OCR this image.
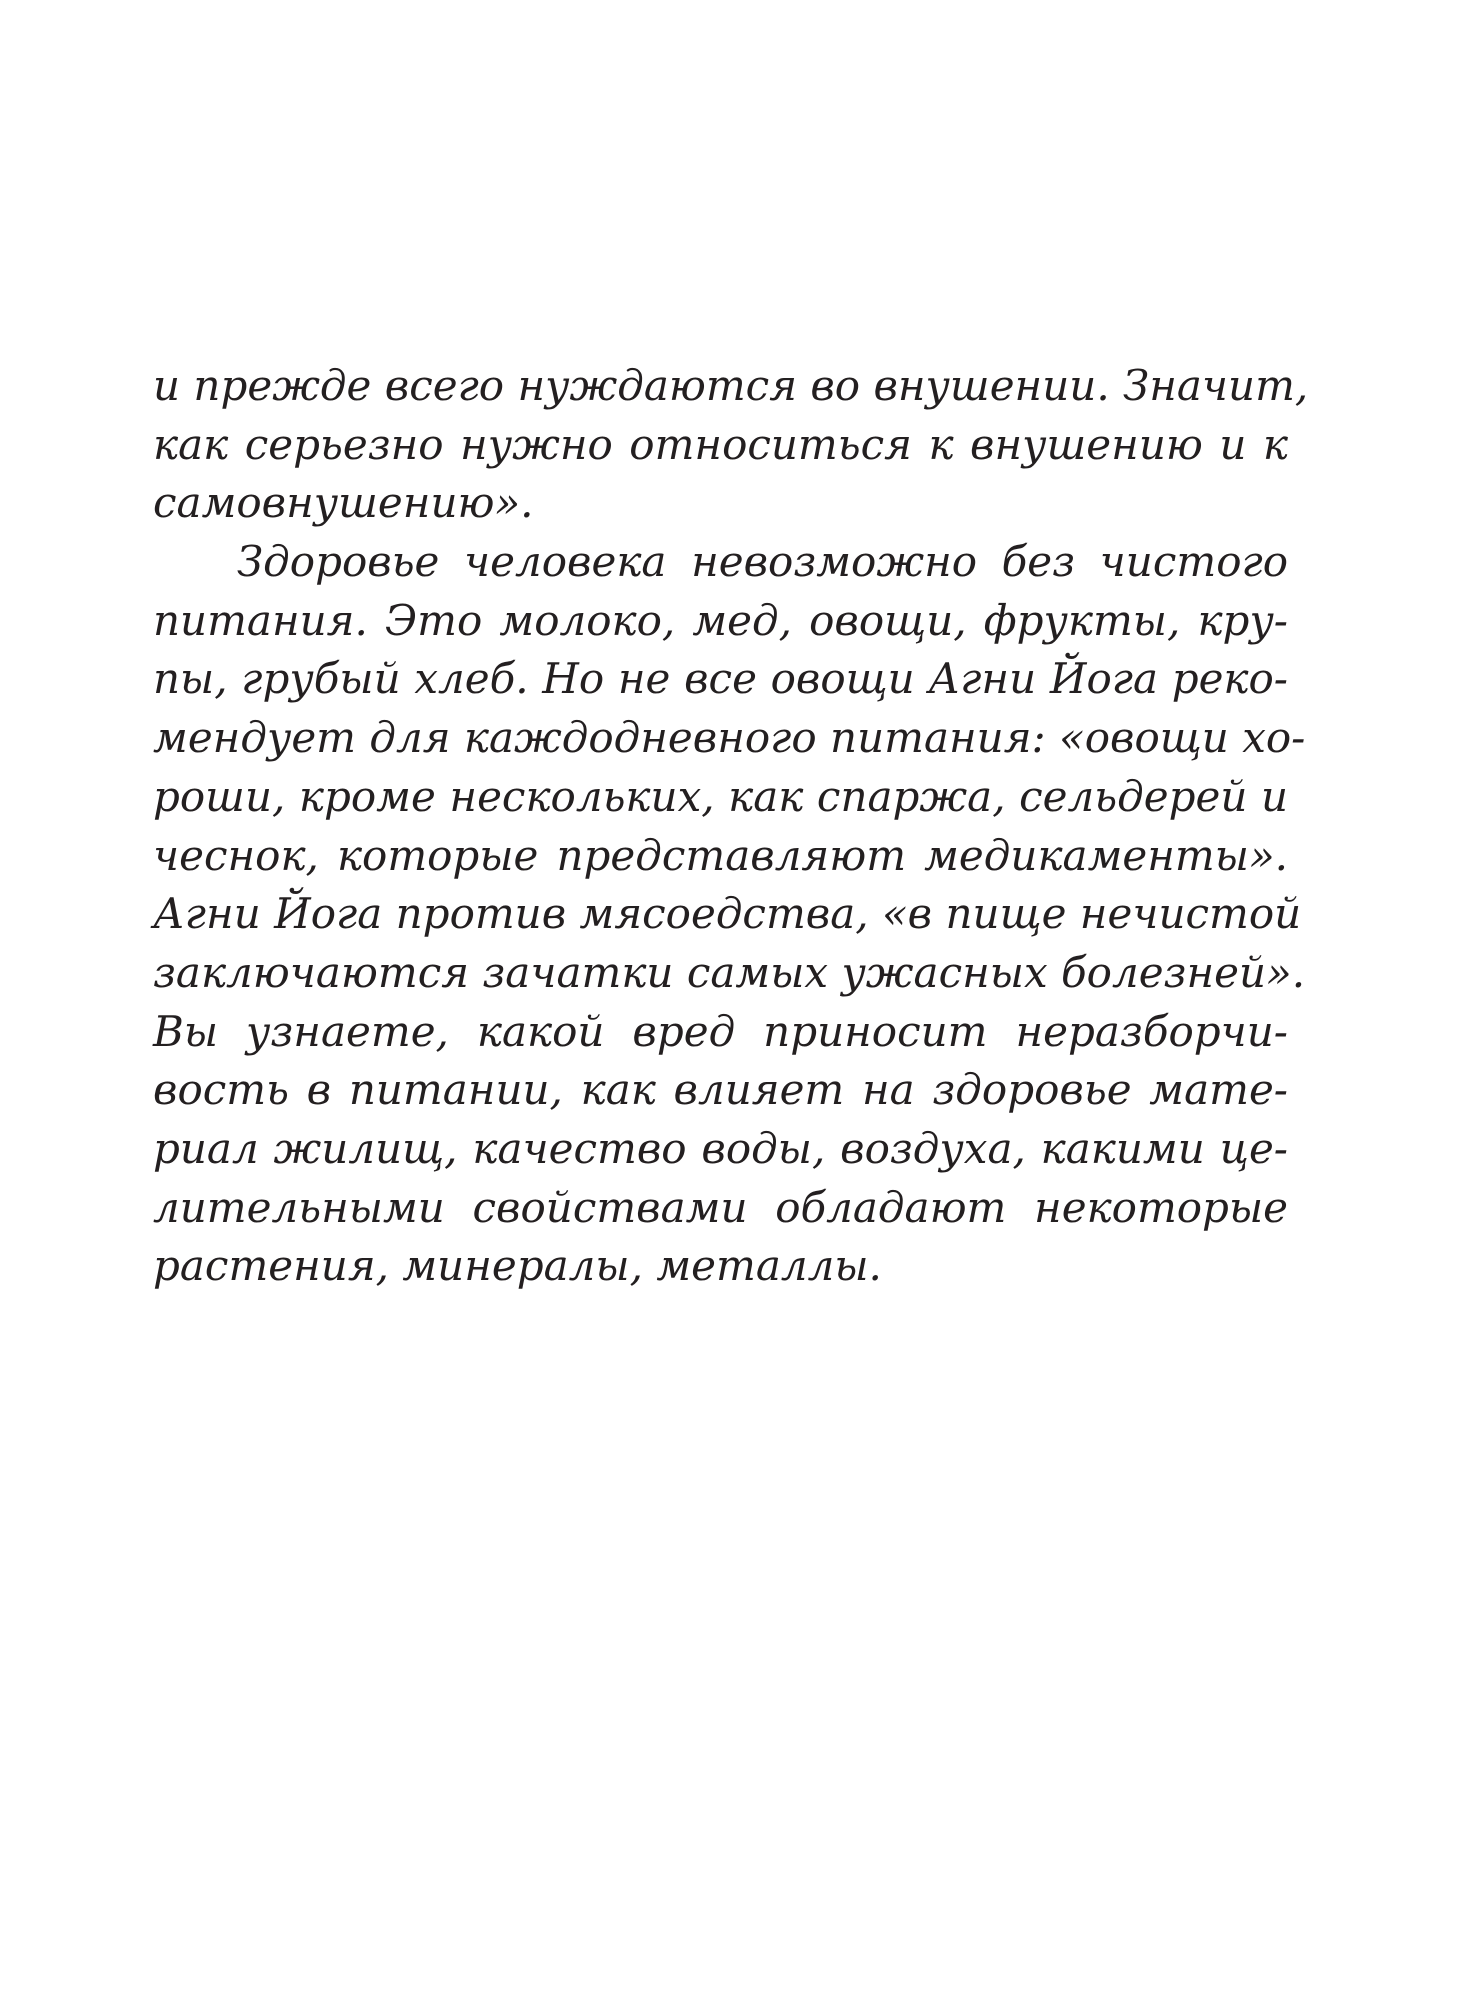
и прежде всего нуждаются во внушении. Значит,
как серьезно нужно относиться к внушению и к
самовнушению».
Здоровье человека невозможно без чистого
питания. Это молоко, мед, овощи, фрукты, кру-
пы, грубый хлеб. Но не все овощи Агни Йога реко-
мендует для каждодневного питания: «овощи хо-
роши, кроме нескольких, как спаржа, сельдерей и
чеснок, которые представляют медикаменты».
Агни Йога против мясоедства, «в пище нечистой
заключаются зачатки самых ужасных болезней».
Вы узнаете, какой вред приносит неразборчи-
вость в питании, как влияет на здоровье мате-
риал жилищ, качество воды, воздуха, какими це-
лительными свойствами обладают некоторые
растения, минералы, металлы.
